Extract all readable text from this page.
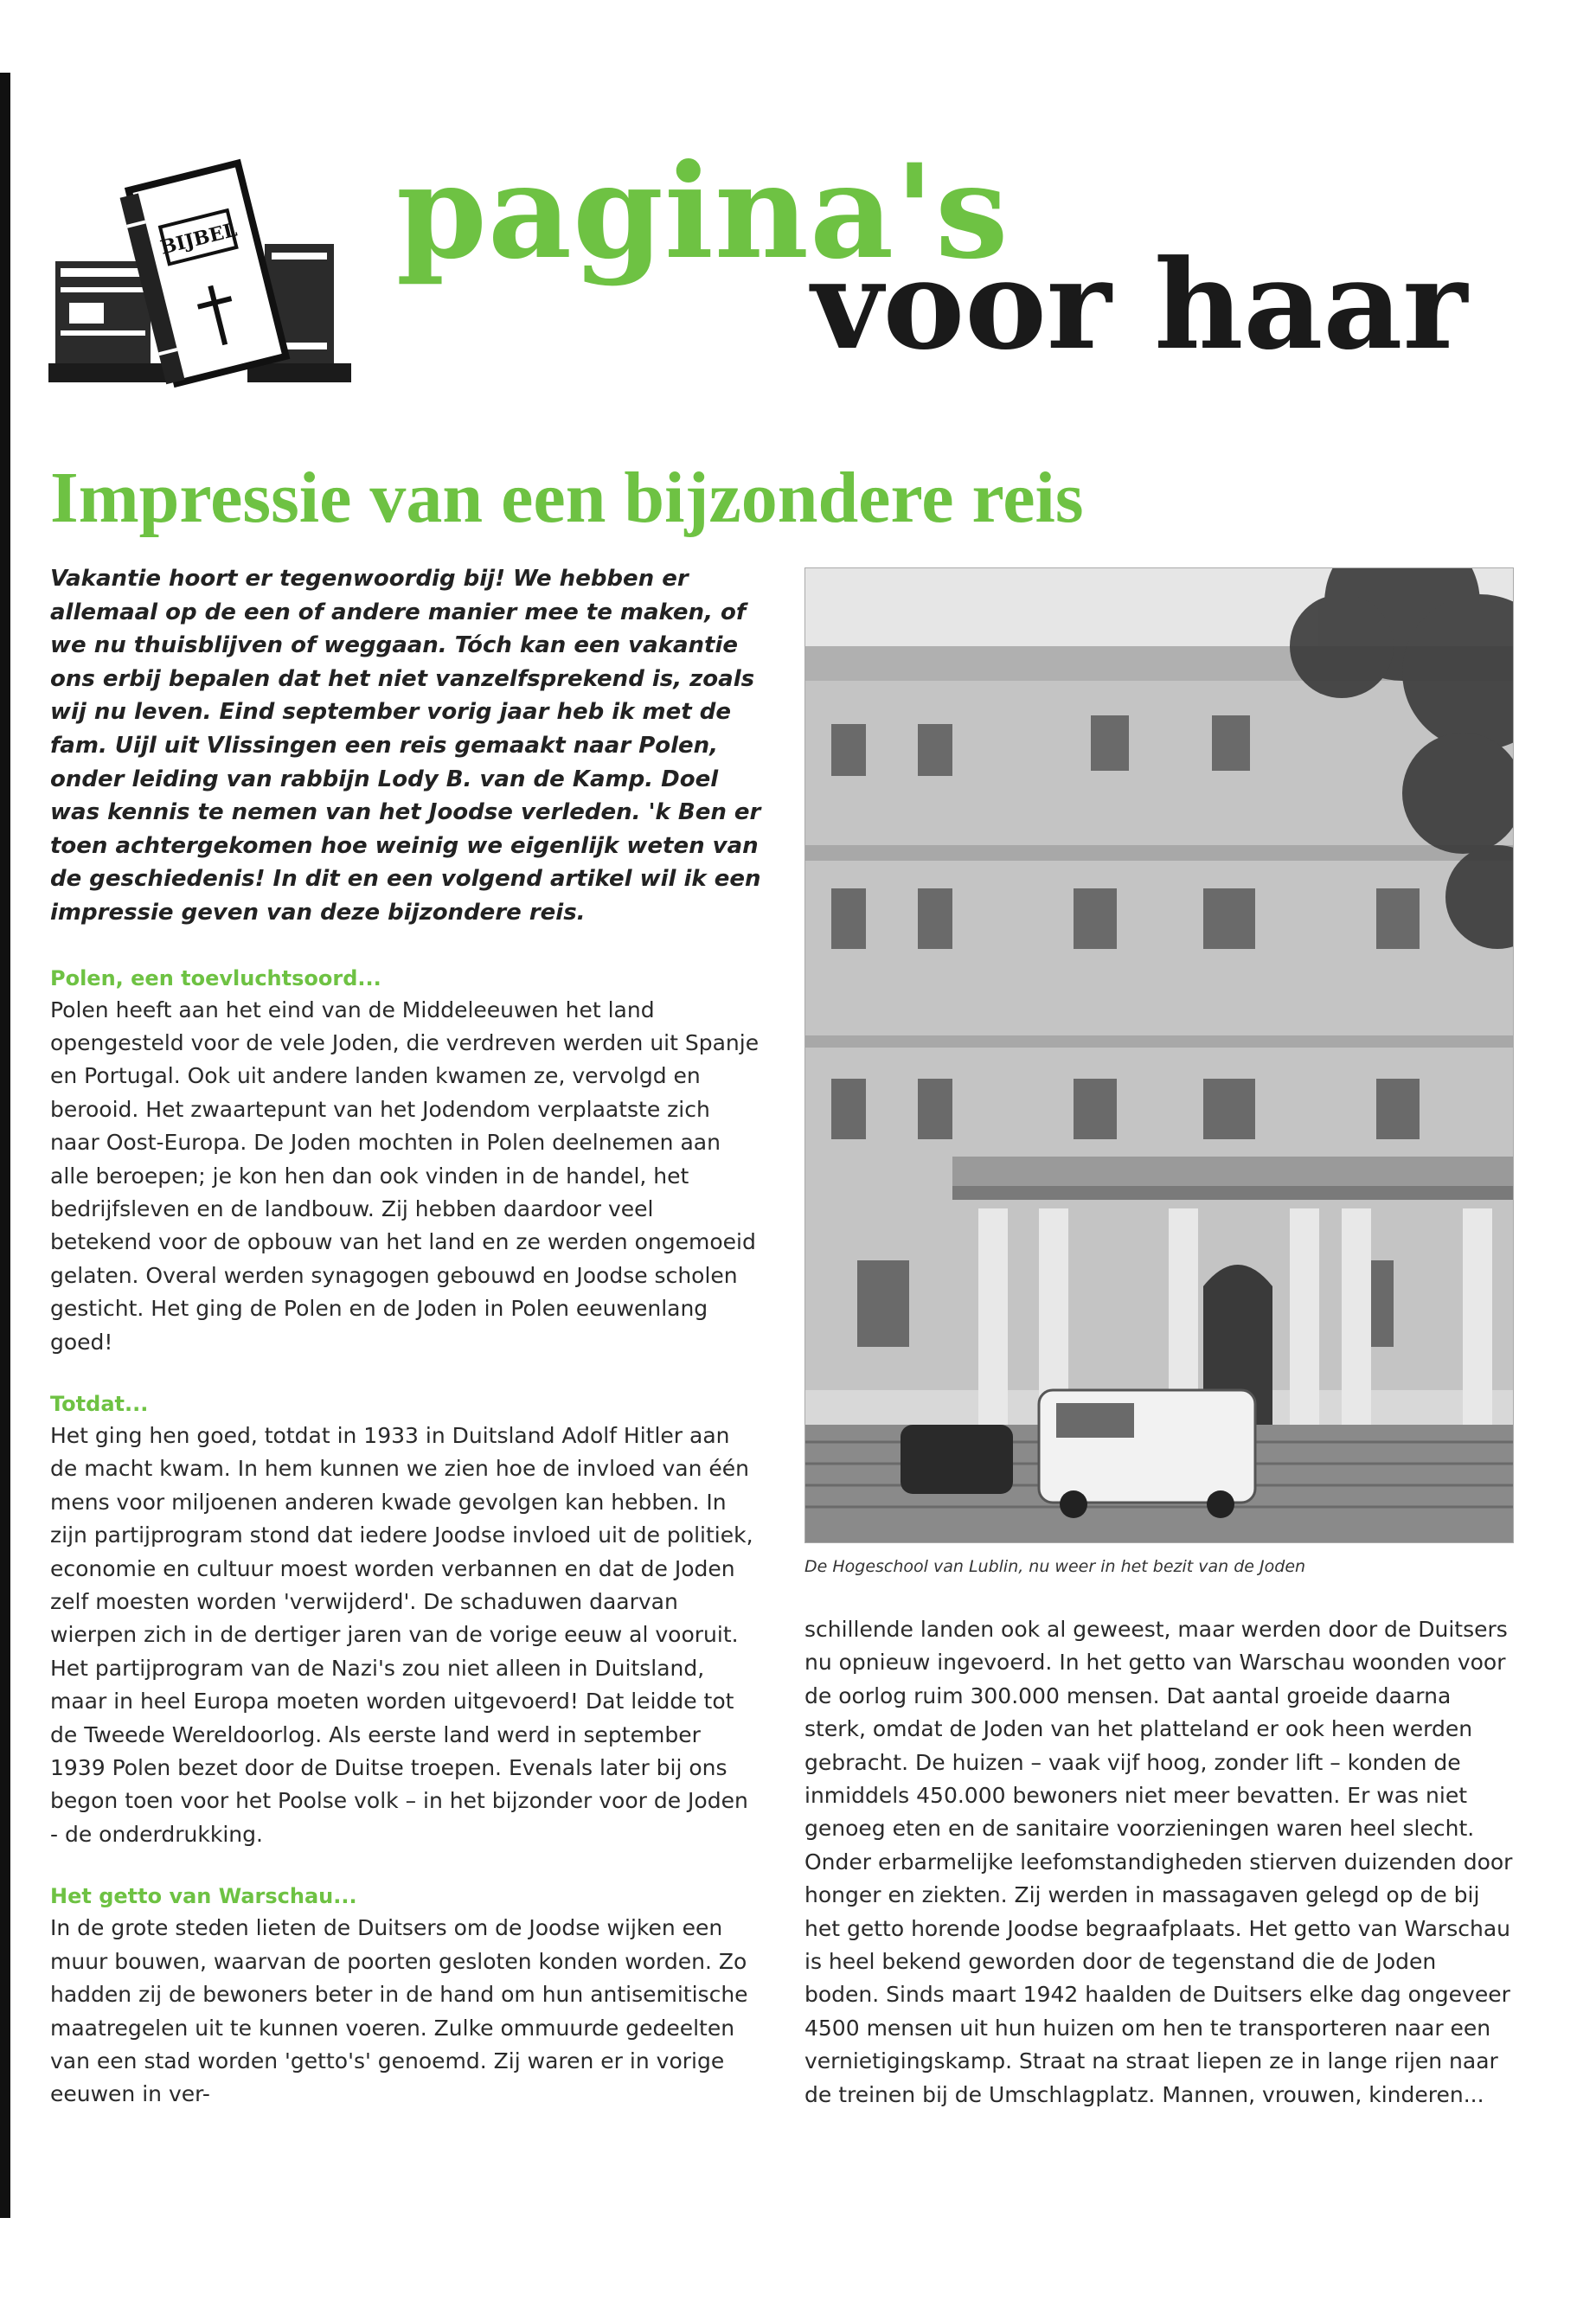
BIJBEL pagina's
voor haar
Impressie van een bijzondere reis

Vakantie hoort er tegenwoordig bij! We hebben er allemaal op de een of andere manier mee te maken, of we nu thuisblijven of weggaan. Tóch kan een vakantie ons erbij bepalen dat het niet vanzelfsprekend is, zoals wij nu leven. Eind september vorig jaar heb ik met de fam. Uijl uit Vlissingen een reis gemaakt naar Polen, onder leiding van rabbijn Lody B. van de Kamp. Doel was kennis te nemen van het Joodse verleden. 'k Ben er toen achtergekomen hoe weinig we eigenlijk weten van de geschiedenis! In dit en een volgend artikel wil ik een impressie geven van deze bijzondere reis.

Polen, een toevluchtsoord...

Polen heeft aan het eind van de Middeleeuwen het land opengesteld voor de vele Joden, die verdreven werden uit Spanje en Portugal. Ook uit andere landen kwamen ze, vervolgd en berooid. Het zwaartepunt van het Jodendom verplaatste zich naar Oost-Europa. De Joden mochten in Polen deelnemen aan alle beroepen; je kon hen dan ook vinden in de handel, het bedrijfsleven en de landbouw. Zij hebben daardoor veel betekend voor de opbouw van het land en ze werden ongemoeid gelaten. Overal werden synagogen gebouwd en Joodse scholen gesticht. Het ging de Polen en de Joden in Polen eeuwenlang goed!

Totdat...

Het ging hen goed, totdat in 1933 in Duitsland Adolf Hitler aan de macht kwam. In hem kunnen we zien hoe de invloed van één mens voor miljoenen anderen kwade gevolgen kan hebben. In zijn partijprogram stond dat iedere Joodse invloed uit de politiek, economie en cultuur moest worden verbannen en dat de Joden zelf moesten worden 'verwijderd'. De schaduwen daarvan wierpen zich in de dertiger jaren van de vorige eeuw al vooruit. Het partijprogram van de Nazi's zou niet alleen in Duitsland, maar in heel Europa moeten worden uitgevoerd! Dat leidde tot de Tweede Wereldoorlog. Als eerste land werd in september 1939 Polen bezet door de Duitse troepen. Evenals later bij ons begon toen voor het Poolse volk – in het bijzonder voor de Joden - de onderdrukking.

Het getto van Warschau...

In de grote steden lieten de Duitsers om de Joodse wijken een muur bouwen, waarvan de poorten gesloten konden worden. Zo hadden zij de bewoners beter in de hand om hun antisemitische maatregelen uit te kunnen voeren. Zulke ommuurde gedeelten van een stad worden 'getto's' genoemd. Zij waren er in vorige eeuwen in ver-

De Hogeschool van Lublin, nu weer in het bezit van de Joden

schillende landen ook al geweest, maar werden door de Duitsers nu opnieuw ingevoerd. In het getto van Warschau woonden voor de oorlog ruim 300.000 mensen. Dat aantal groeide daarna sterk, omdat de Joden van het platteland er ook heen werden gebracht. De huizen – vaak vijf hoog, zonder lift – konden de inmiddels 450.000 bewoners niet meer bevatten. Er was niet genoeg eten en de sanitaire voorzieningen waren heel slecht. Onder erbarmelijke leefomstandigheden stierven duizenden door honger en ziekten. Zij werden in massagaven gelegd op de bij het getto horende Joodse begraafplaats. Het getto van Warschau is heel bekend geworden door de tegenstand die de Joden boden. Sinds maart 1942 haalden de Duitsers elke dag ongeveer 4500 mensen uit hun huizen om hen te transporteren naar een vernietigingskamp. Straat na straat liepen ze in lange rijen naar de treinen bij de Umschlagplatz. Mannen, vrouwen, kinderen...
